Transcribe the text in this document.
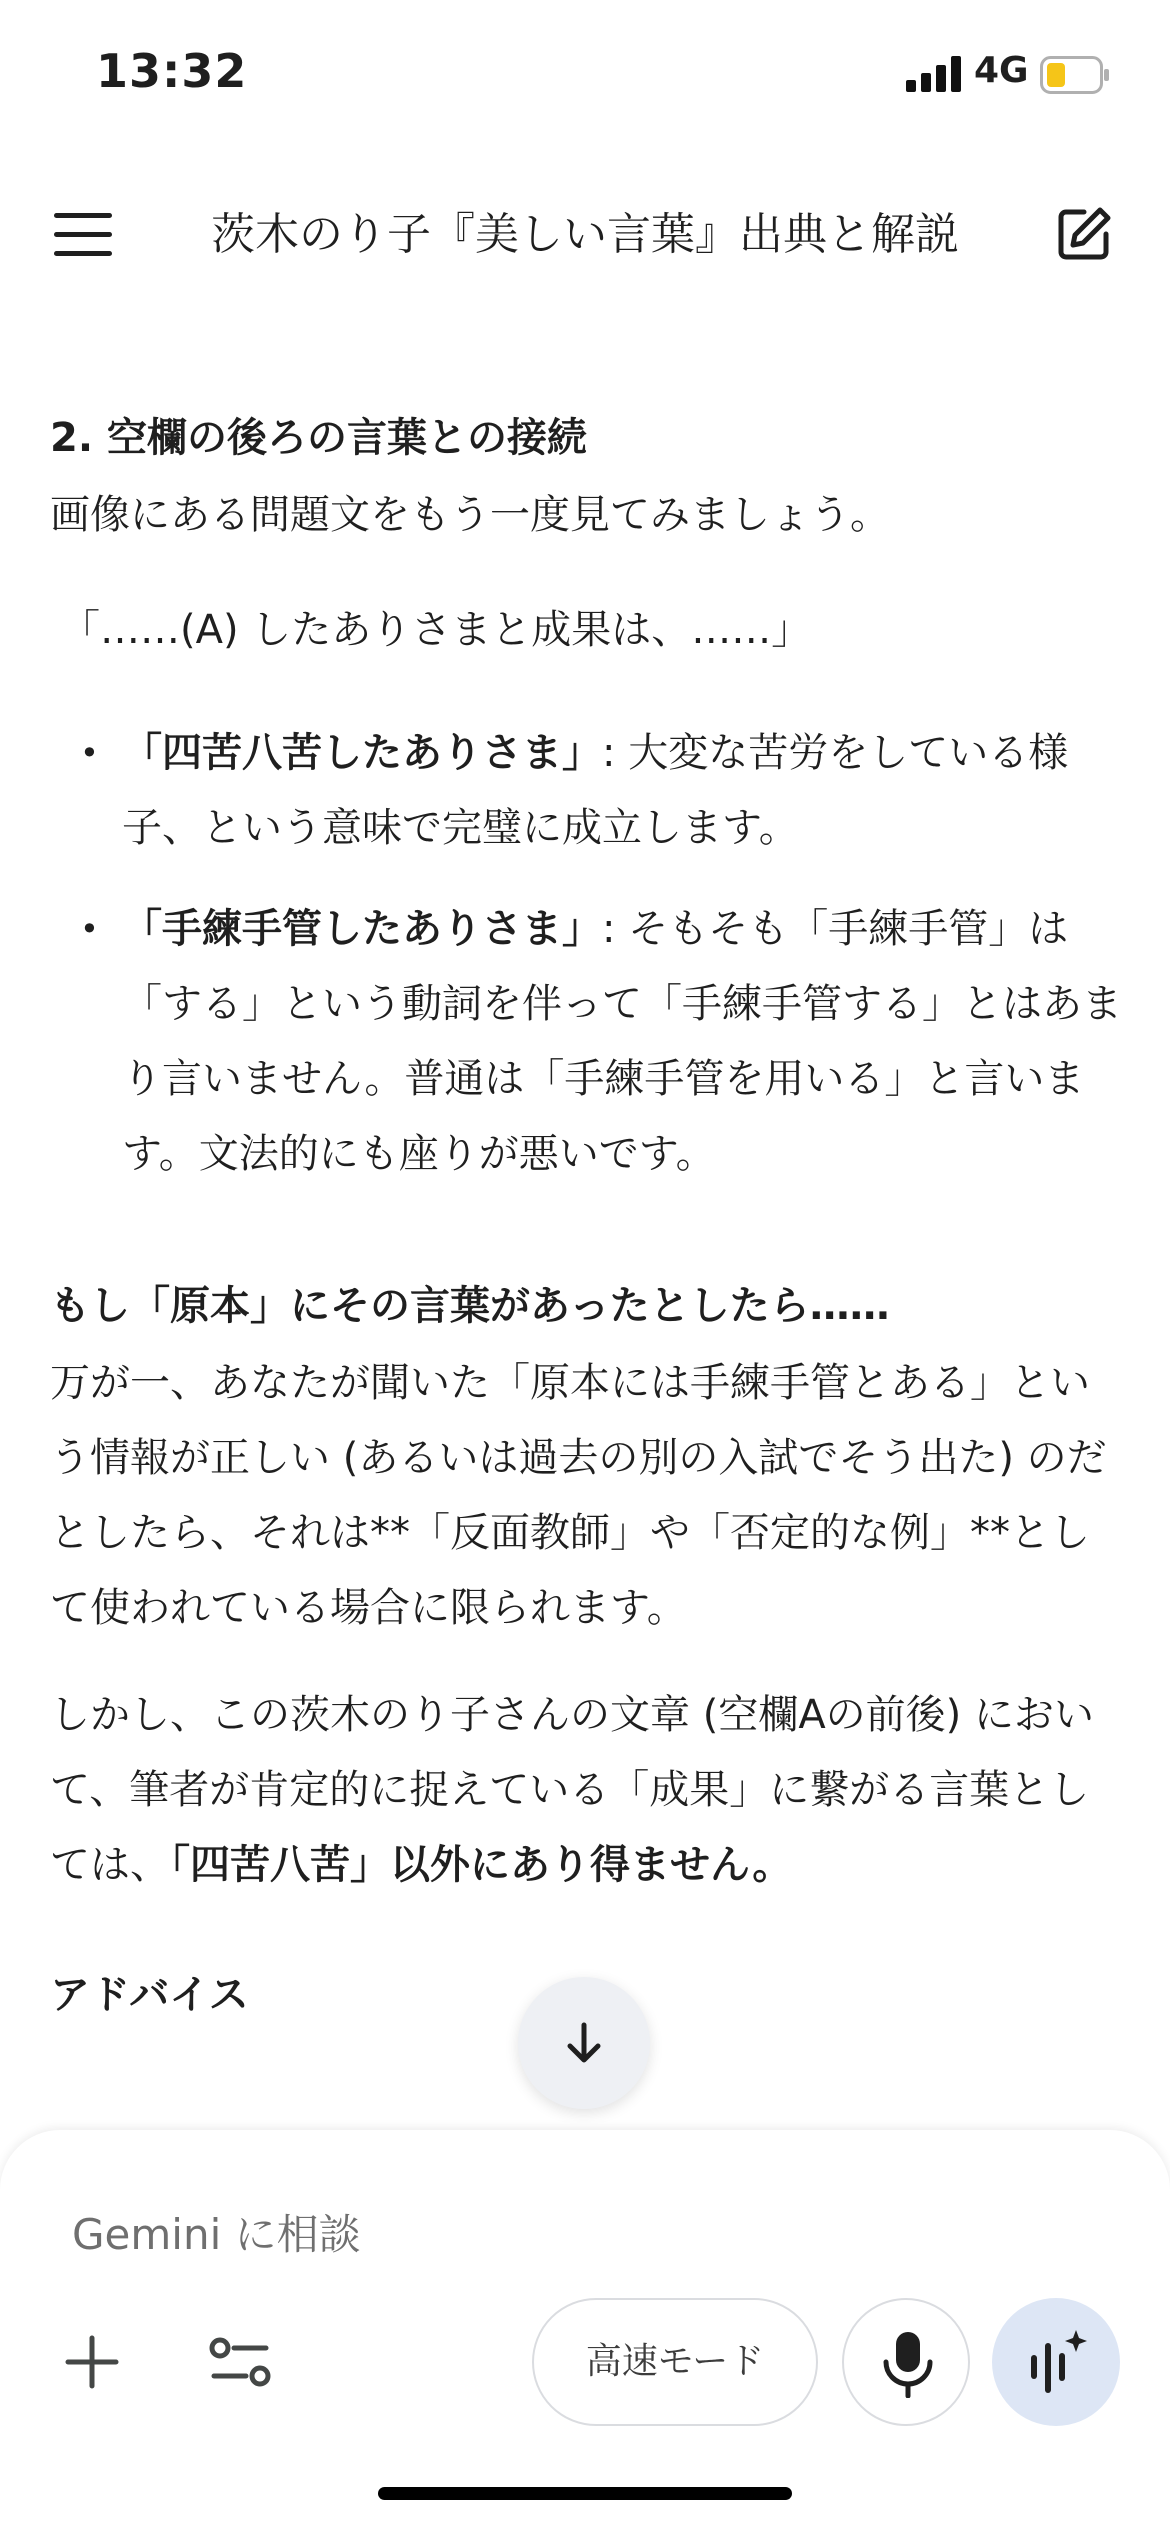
13:32	4G
茨木のり子『美しい言葉』出典と解説

2. 空欄の後ろの言葉との接続

画像にある問題文をもう一度見てみましょう。

「……(A) したありさまと成果は、……」

• 「四苦八苦したありさま」: 大変な苦労をしている様子、という意味で完璧に成立します。
• 「手練手管したありさま」: そもそも「手練手管」は「する」という動詞を伴って「手練手管する」とはあまり言いません。普通は「手練手管を用いる」と言います。文法的にも座りが悪いです。

もし「原本」にその言葉があったとしたら……

万が一、あなたが聞いた「原本には手練手管とある」という情報が正しい (あるいは過去の別の入試でそう出た) のだとしたら、それは**「反面教師」や「否定的な例」**として使われている場合に限られます。

しかし、この茨木のり子さんの文章 (空欄Aの前後) において、筆者が肯定的に捉えている「成果」に繋がる言葉としては、「四苦八苦」以外にあり得ません。

アドバイス

Gemini に相談
高速モード
